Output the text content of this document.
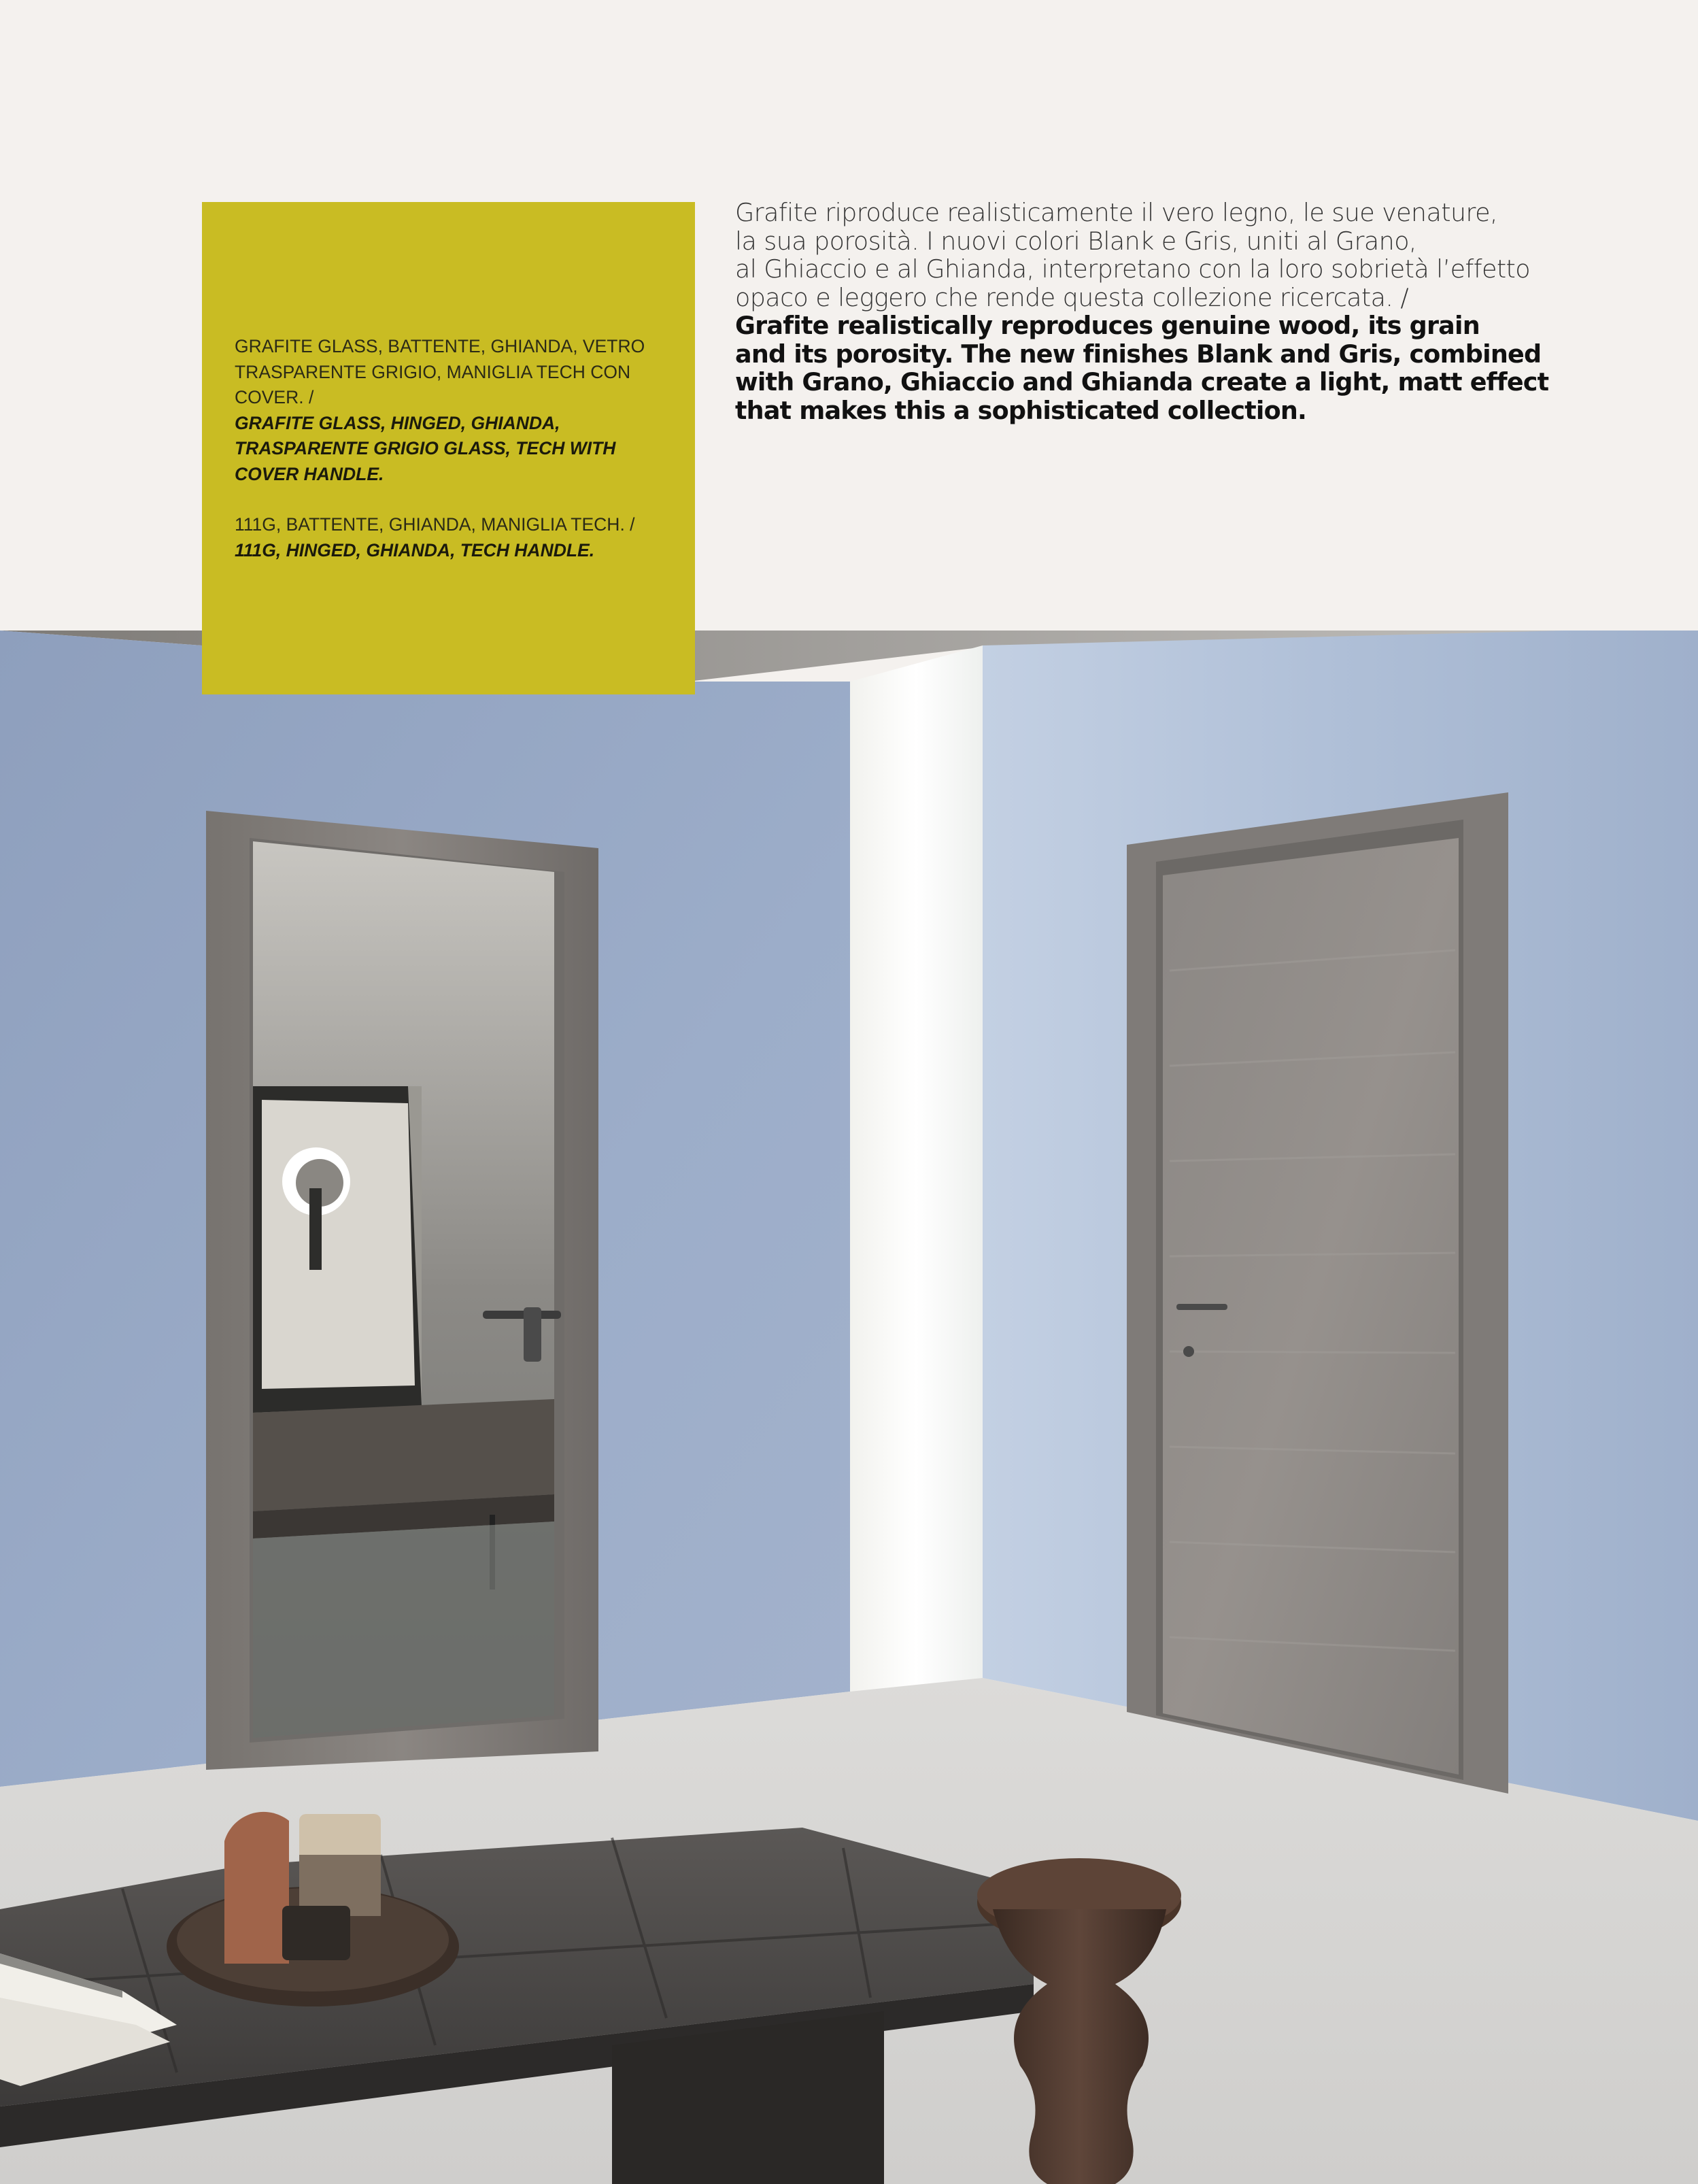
Grafite riproduce realisticamente il vero legno, le sue venature,
la sua porosità. I nuovi colori Blank e Gris, uniti al Grano,
al Ghiaccio e al Ghianda, interpretano con la loro sobrietà l’effetto
opaco e leggero che rende questa collezione ricercata. /
Grafite realistically reproduces genuine wood, its grain
and its porosity. The new finishes Blank and Gris, combined
with Grano, Ghiaccio and Ghianda create a light, matt effect
that makes this a sophisticated collection.
GRAFITE GLASS, BATTENTE, GHIANDA, VETRO
TRASPARENTE GRIGIO, MANIGLIA TECH CON
COVER. /
GRAFITE GLASS, HINGED, GHIANDA,
TRASPARENTE GRIGIO GLASS, TECH WITH
COVER HANDLE.
111G, BATTENTE, GHIANDA, MANIGLIA TECH. /
111G, HINGED, GHIANDA, TECH HANDLE.
